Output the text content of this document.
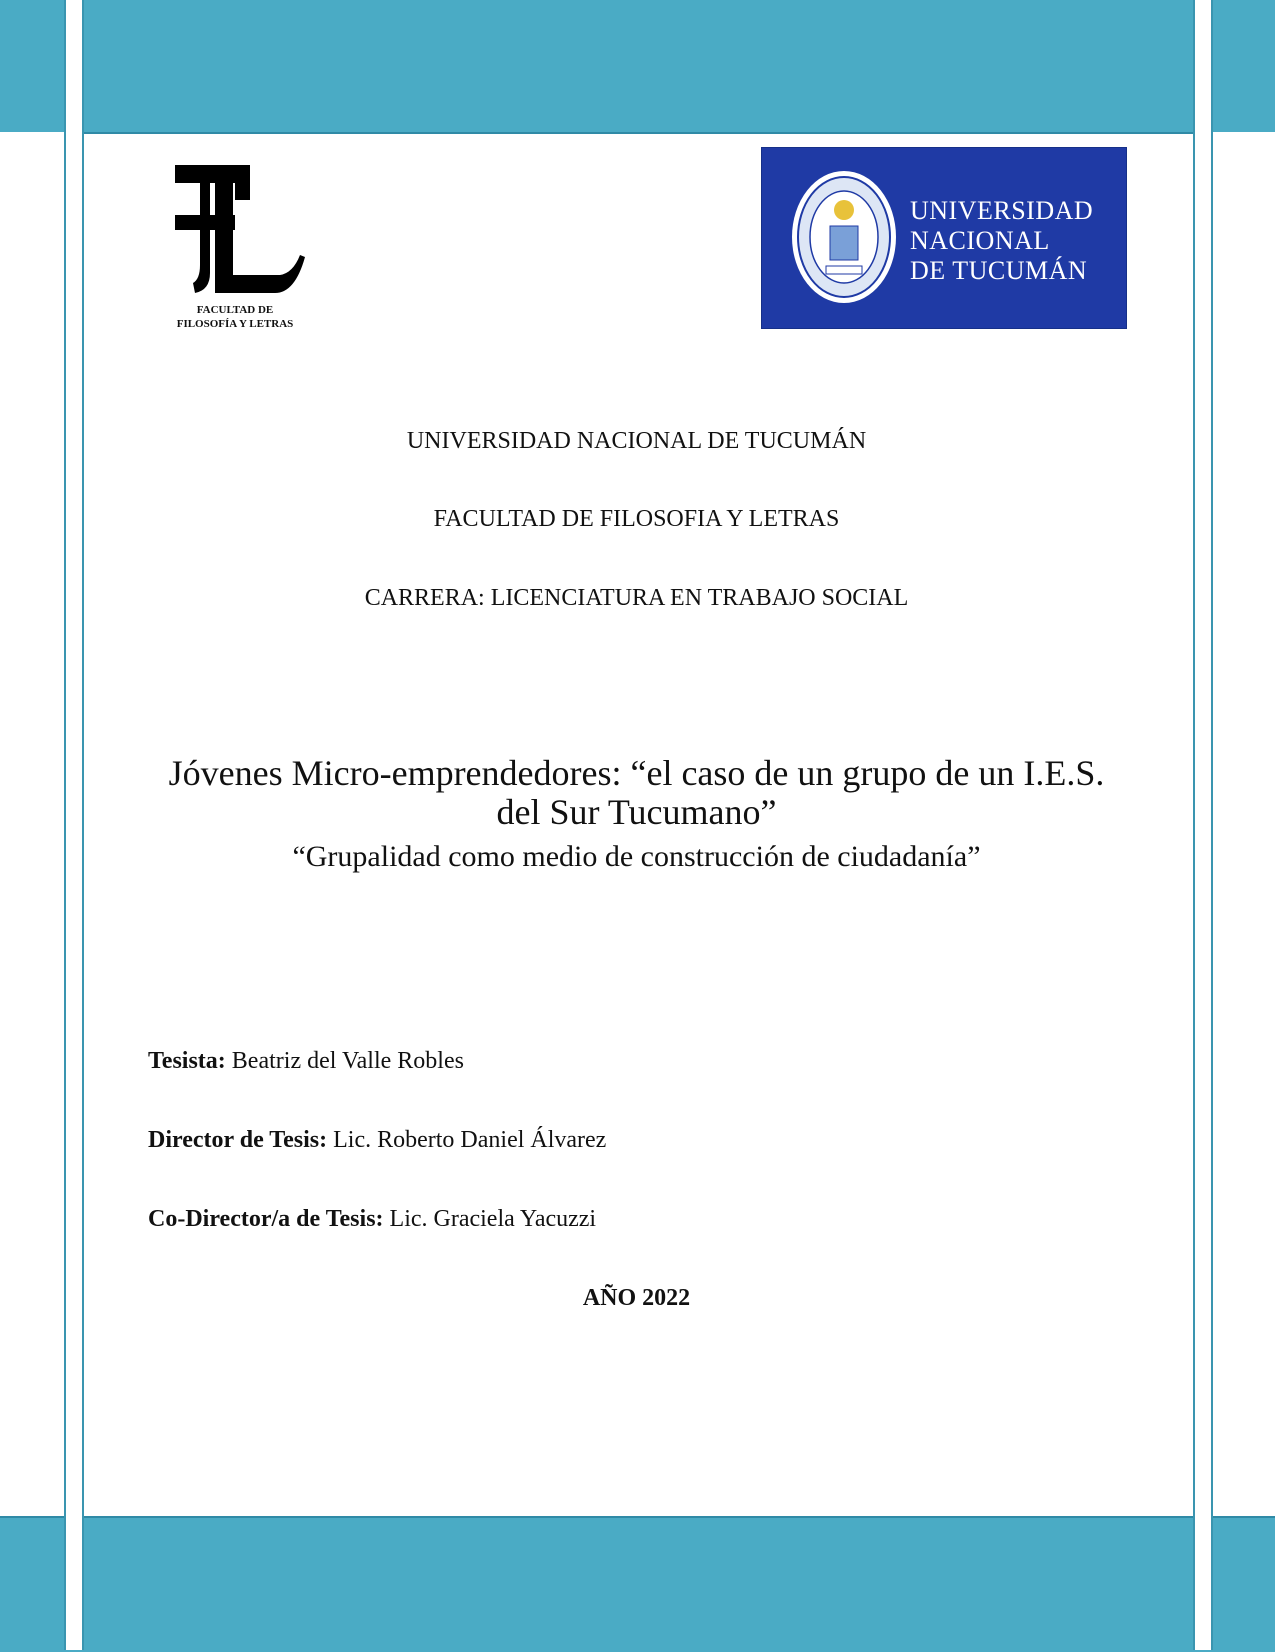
FACULTAD DE
FILOSOFÍA Y LETRAS
UNIVERSIDAD
NACIONAL
DE TUCUMÁN
UNIVERSIDAD NACIONAL DE TUCUMÁN
FACULTAD DE FILOSOFIA Y LETRAS
CARRERA: LICENCIATURA EN TRABAJO SOCIAL
Jóvenes Micro-emprendedores: “el caso de un grupo de un I.E.S.
del Sur Tucumano”
“Grupalidad como medio de construcción de ciudadanía”
Tesista: Beatriz del Valle Robles
Director de Tesis: Lic. Roberto Daniel Álvarez
Co-Director/a de Tesis: Lic. Graciela Yacuzzi
AÑO 2022
